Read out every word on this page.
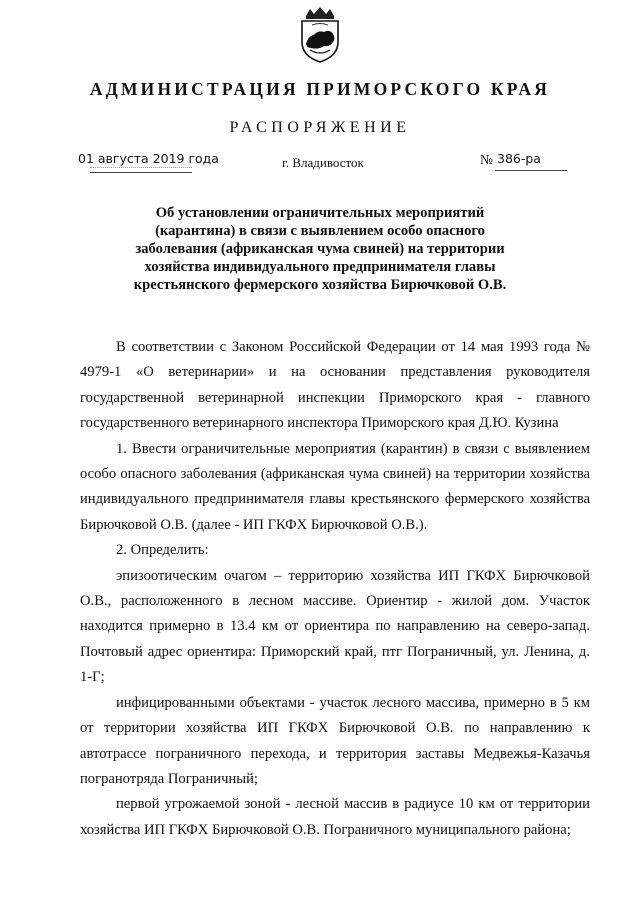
АДМИНИСТРАЦИЯ ПРИМОРСКОГО КРАЯ
РАСПОРЯЖЕНИЕ
01 августа 2019 года	г. Владивосток	№ 386-ра
Об установлении ограничительных мероприятий
(карантина) в связи с выявлением особо опасного
заболевания (африканская чума свиней) на территории
хозяйства индивидуального предпринимателя главы
крестьянского фермерского хозяйства Бирючковой О.В.

В соответствии с Законом Российской Федерации от 14 мая 1993 года № 4979-1 «О ветеринарии» и на основании представления руководителя государственной ветеринарной инспекции Приморского края - главного государственного ветеринарного инспектора Приморского края Д.Ю. Кузина

1. Ввести ограничительные мероприятия (карантин) в связи с выявлением особо опасного заболевания (африканская чума свиней) на территории хозяйства индивидуального предпринимателя главы крестьянского фермерского хозяйства Бирючковой О.В. (далее - ИП ГКФХ Бирючковой О.В.).

2. Определить:

эпизоотическим очагом – территорию хозяйства ИП ГКФХ Бирючковой О.В., расположенного в лесном массиве. Ориентир - жилой дом. Участок находится примерно в 13.4 км от ориентира по направлению на северо-запад. Почтовый адрес ориентира: Приморский край, птг Пограничный, ул. Ленина, д. 1-Г;

инфицированными объектами - участок лесного массива, примерно в 5 км от территории хозяйства ИП ГКФХ Бирючковой О.В. по направлению к автотрассе пограничного перехода, и территория заставы Медвежья-Казачья погранотряда Пограничный;

первой угрожаемой зоной - лесной массив в радиусе 10 км от территории хозяйства ИП ГКФХ Бирючковой О.В. Пограничного муниципального района;
